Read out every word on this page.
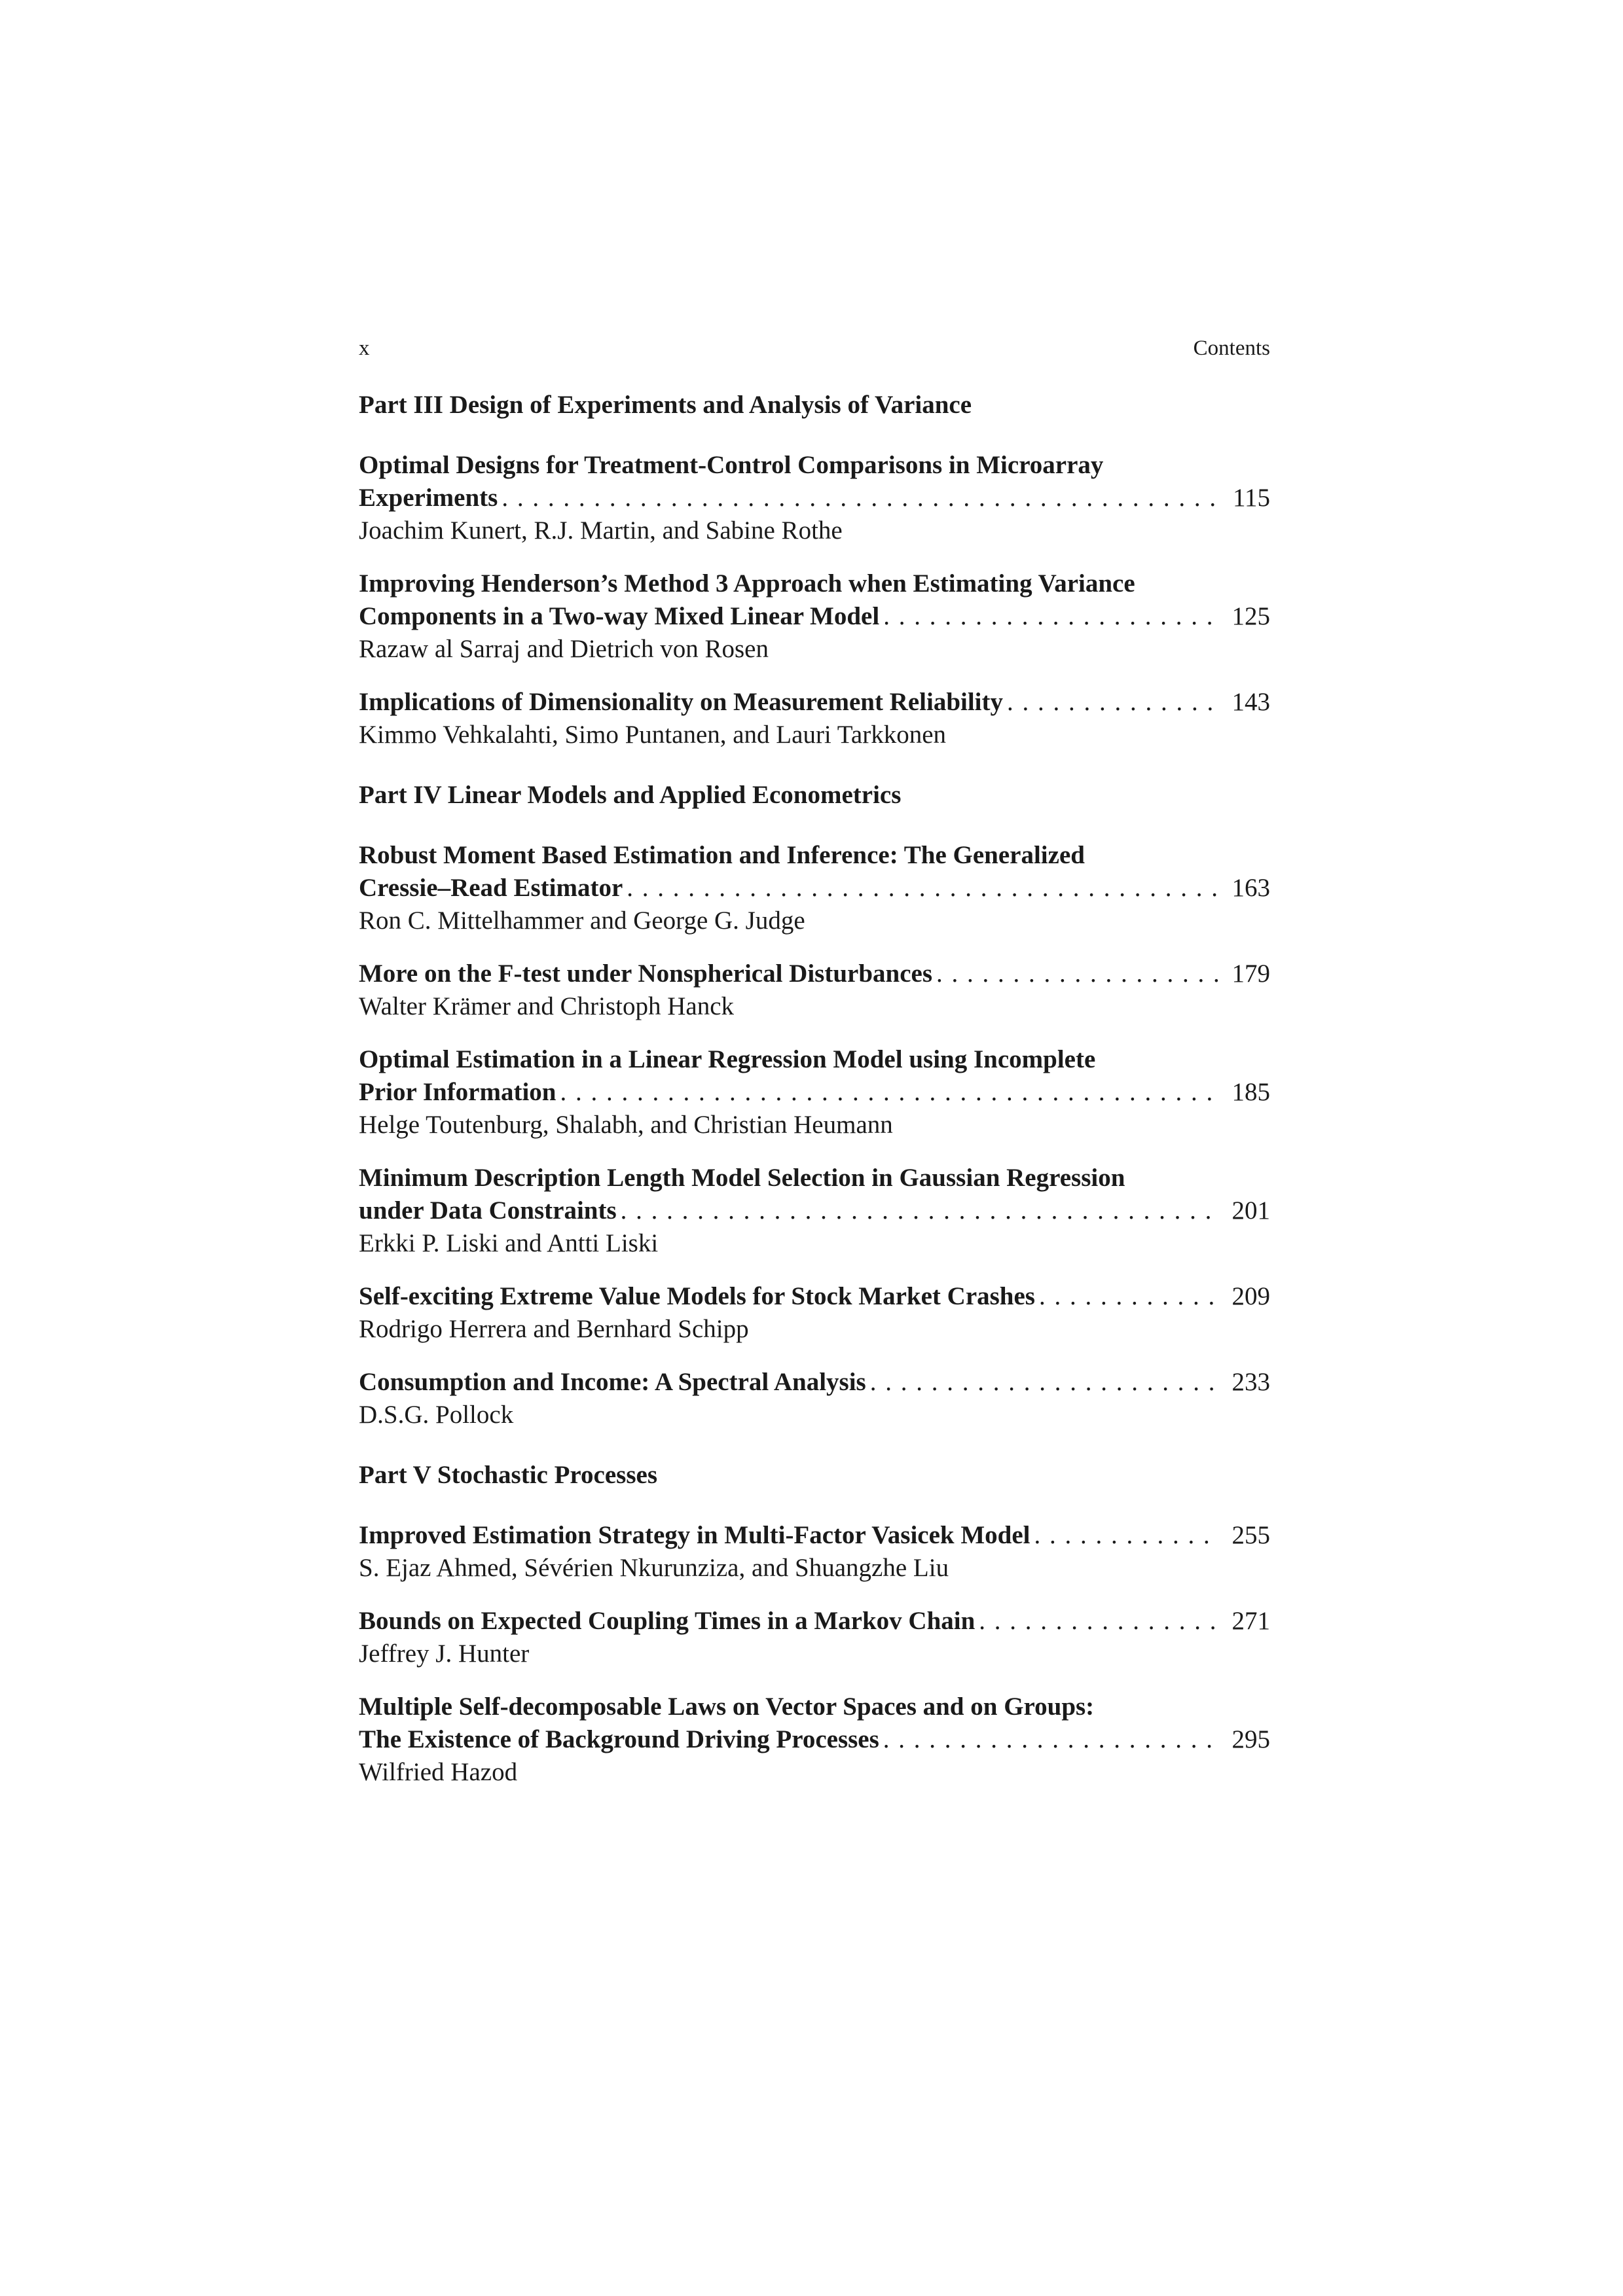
x	Contents
Part III Design of Experiments and Analysis of Variance
Optimal Designs for Treatment-Control Comparisons in Microarray
Experiments . . .	115
Joachim Kunert, R.J. Martin, and Sabine Rothe
Improving Henderson’s Method 3 Approach when Estimating Variance
Components in a Two-way Mixed Linear Model . . .	125
Razaw al Sarraj and Dietrich von Rosen
Implications of Dimensionality on Measurement Reliability . . .	143
Kimmo Vehkalahti, Simo Puntanen, and Lauri Tarkkonen
Part IV Linear Models and Applied Econometrics
Robust Moment Based Estimation and Inference: The Generalized
Cressie–Read Estimator . . .	163
Ron C. Mittelhammer and George G. Judge
More on the F-test under Nonspherical Disturbances . . .	179
Walter Krämer and Christoph Hanck
Optimal Estimation in a Linear Regression Model using Incomplete
Prior Information . . .	185
Helge Toutenburg, Shalabh, and Christian Heumann
Minimum Description Length Model Selection in Gaussian Regression
under Data Constraints . . .	201
Erkki P. Liski and Antti Liski
Self-exciting Extreme Value Models for Stock Market Crashes . . .	209
Rodrigo Herrera and Bernhard Schipp
Consumption and Income: A Spectral Analysis . . .	233
D.S.G. Pollock
Part V Stochastic Processes
Improved Estimation Strategy in Multi-Factor Vasicek Model . . .	255
S. Ejaz Ahmed, Sévérien Nkurunziza, and Shuangzhe Liu
Bounds on Expected Coupling Times in a Markov Chain . . .	271
Jeffrey J. Hunter
Multiple Self-decomposable Laws on Vector Spaces and on Groups:
The Existence of Background Driving Processes . . .	295
Wilfried Hazod
